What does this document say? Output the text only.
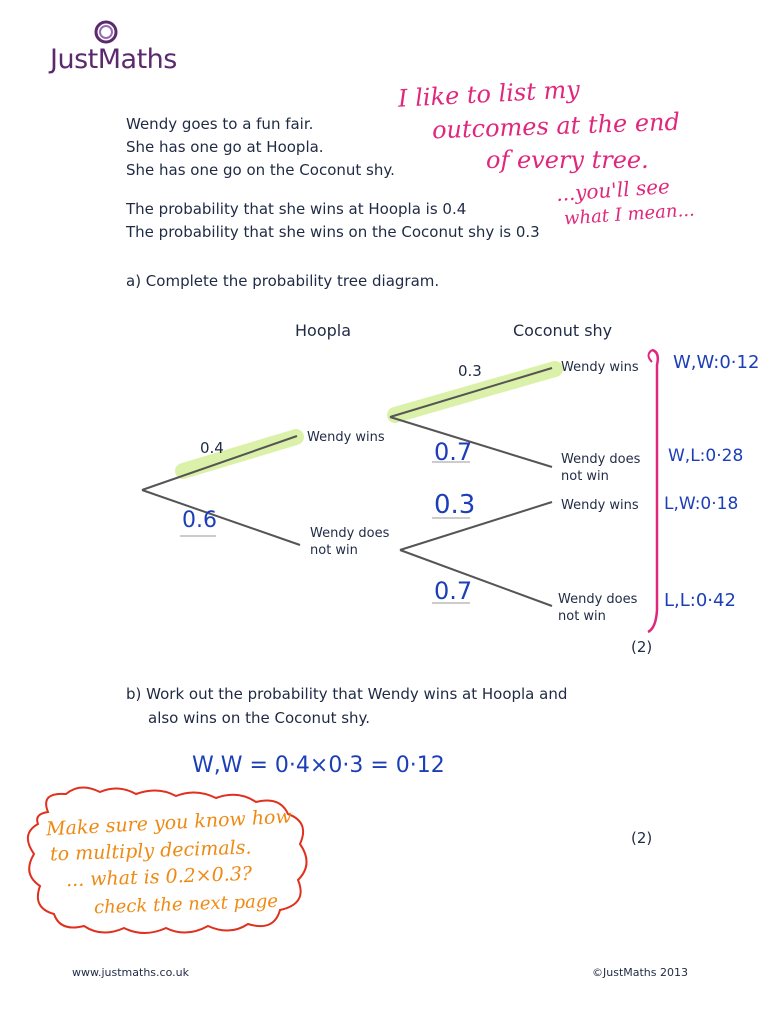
JustMaths
Wendy goes to a fun fair.
She has one go at Hoopla.
She has one go on the Coconut shy.
The probability that she wins at Hoopla is 0.4
The probability that she wins on the Coconut shy is 0.3
I like to list my
outcomes at the end
of every tree.
...you'll see
what I mean...
a) Complete the probability tree diagram.
Hoopla	Coconut shy
0.4
0.6
Wendy wins
Wendy does
not win
0.3
0.7
0.3
0.7
Wendy wins
Wendy does
not win
Wendy wins
Wendy does
not win
W,W:0·12
W,L:0·28
L,W:0·18
L,L:0·42
(2)
b) Work out the probability that Wendy wins at Hoopla and
also wins on the Coconut shy.
W,W = 0·4×0·3 = 0·12
(2)
Make sure you know how
to multiply decimals.
... what is 0.2×0.3?
check the next page
www.justmaths.co.uk	©JustMaths 2013
